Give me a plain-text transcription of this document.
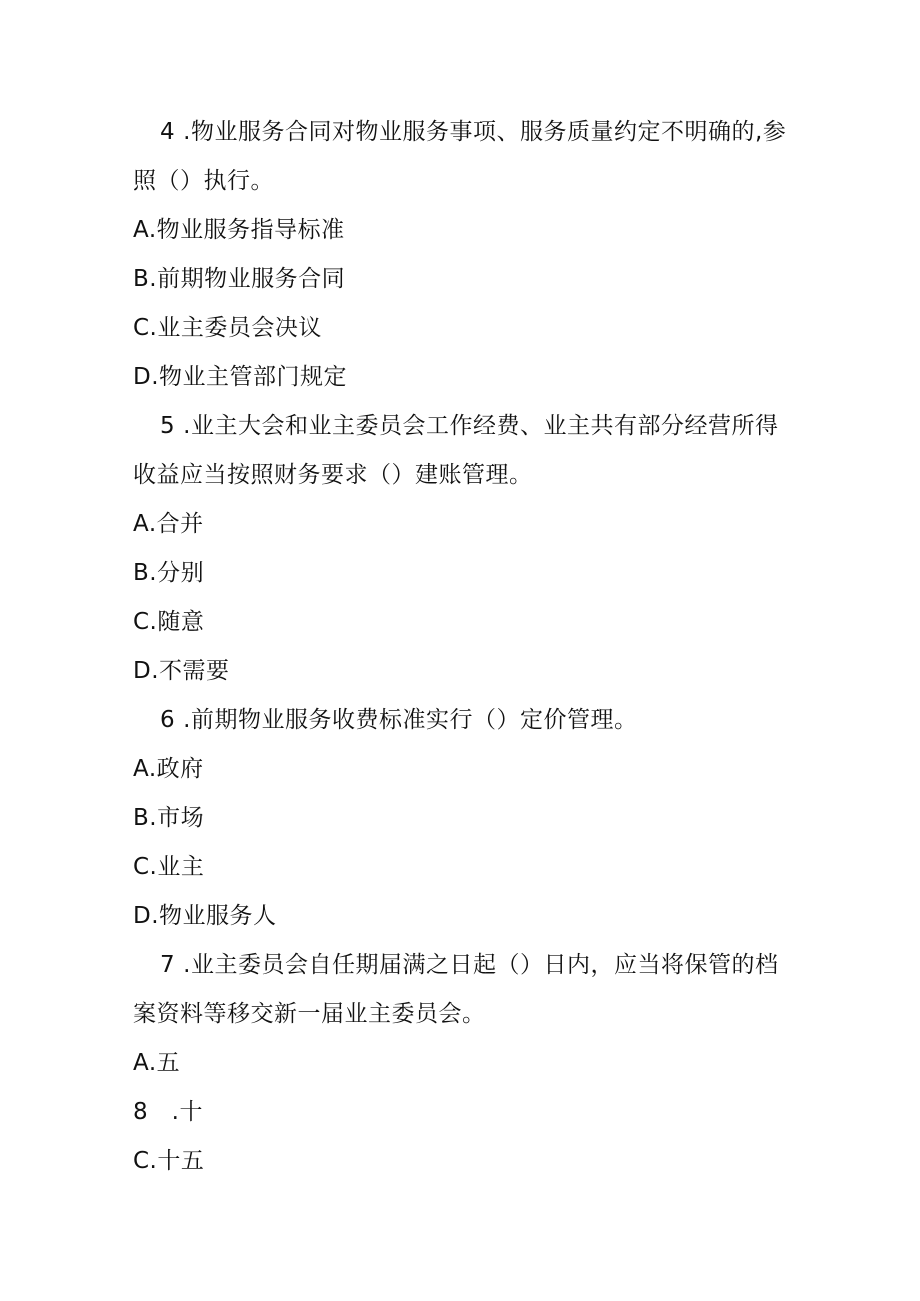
4 .物业服务合同对物业服务事项、服务质量约定不明确的,参
照（）执行。
A.物业服务指导标准
B.前期物业服务合同
C.业主委员会决议
D.物业主管部门规定
5 .业主大会和业主委员会工作经费、业主共有部分经营所得
收益应当按照财务要求（）建账管理。
A.合并
B.分别
C.随意
D.不需要
6 .前期物业服务收费标准实行（）定价管理。
A.政府
B.市场
C.业主
D.物业服务人
7 .业主委员会自任期届满之日起（）日内，应当将保管的档
案资料等移交新一届业主委员会。
A.五
8　.十
C.十五
